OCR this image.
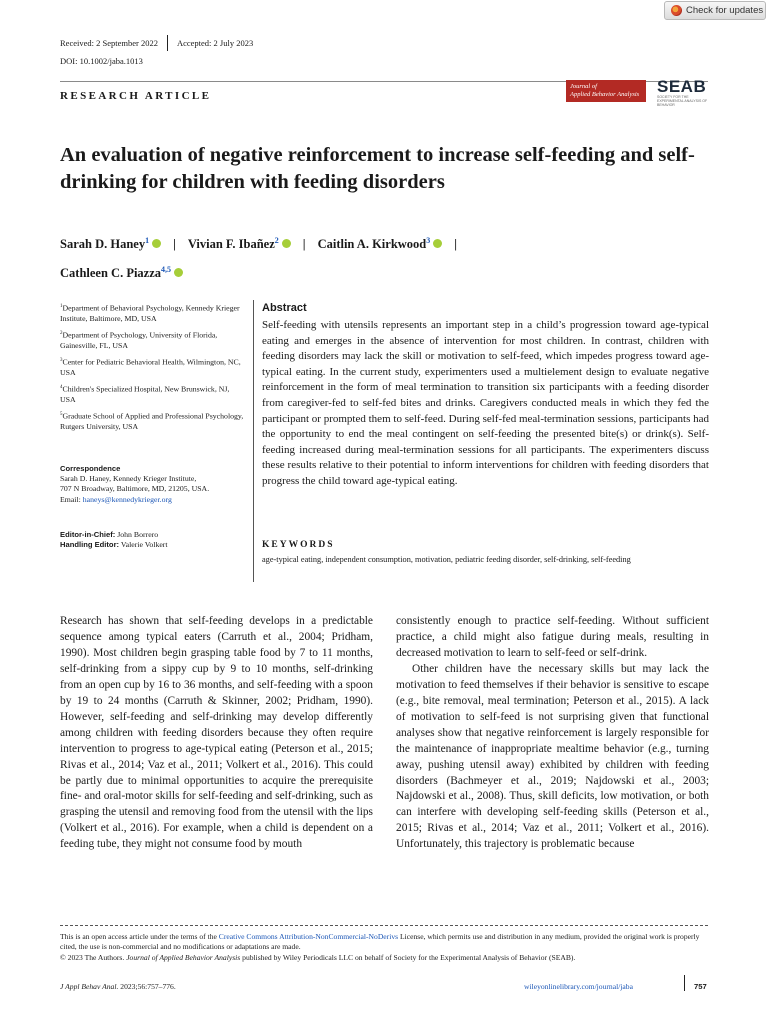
Check for updates
Received: 2 September 2022 Accepted: 2 July 2023
DOI: 10.1002/jaba.1013
RESEARCH ARTICLE
Journal of
Applied Behavior Analysis SEAB
SOCIETY FOR THE EXPERIMENTAL ANALYSIS OF BEHAVIOR
An evaluation of negative reinforcement to increase self-feeding and self-drinking for children with feeding disorders
Sarah D. Haney$^1$ | Vivian F. Ibañez$^2$ | Caitlin A. Kirkwood$^3$ |
Cathleen C. Piazza$^{4,5}$

$^1$Department of Behavioral Psychology, Kennedy Krieger Institute, Baltimore, MD, USA

$^2$Department of Psychology, University of Florida, Gainesville, FL, USA

$^3$Center for Pediatric Behavioral Health, Wilmington, NC, USA

$^4$Children's Specialized Hospital, New Brunswick, NJ, USA

$^5$Graduate School of Applied and Professional Psychology, Rutgers University, USA

Correspondence
Sarah D. Haney, Kennedy Krieger Institute,
707 N Broadway, Baltimore, MD, 21205, USA.
Email: haneys@kennedykrieger.org
Editor-in-Chief: John Borrero
Handling Editor: Valerie Volkert
Abstract
Self-feeding with utensils represents an important step in a child’s progression toward age-typical eating and emerges in the absence of intervention for most children. In contrast, children with feeding disorders may lack the skill or motivation to self-feed, which impedes progress toward age-typical eating. In the current study, experimenters used a multielement design to evaluate negative reinforcement in the form of meal termination to transition six participants with a feeding disorder from caregiver-fed to self-fed bites and drinks. Caregivers conducted meals in which they fed the participant or prompted them to self-feed. During self-fed meal-termination sessions, participants had the opportunity to end the meal contingent on self-feeding the presented bite(s) or drink(s). Self-feeding increased during meal-termination sessions for all participants. The experimenters discuss these results relative to their potential to inform interventions for children with feeding disorders that progress the child toward age-typical eating.
KEYWORDS
age-typical eating, independent consumption, motivation, pediatric feeding disorder, self-drinking, self-feeding

Research has shown that self-feeding develops in a predictable sequence among typical eaters (Carruth et al., 2004; Pridham, 1990). Most children begin grasping table food by 7 to 11 months, self-drinking from a sippy cup by 9 to 10 months, self-drinking from an open cup by 16 to 36 months, and self-feeding with a spoon by 19 to 24 months (Carruth & Skinner, 2002; Pridham, 1990). However, self-feeding and self-drinking may develop differently among children with feeding disorders because they often require intervention to progress to age-typical eating (Peterson et al., 2015; Rivas et al., 2014; Vaz et al., 2011; Volkert et al., 2016). This could be partly due to minimal opportunities to acquire the prerequisite fine- and oral-motor skills for self-feeding and self-drinking, such as grasping the utensil and removing food from the utensil with the lips (Volkert et al., 2016). For example, when a child is dependent on a feeding tube, they might not consume food by mouth

consistently enough to practice self-feeding. Without sufficient practice, a child might also fatigue during meals, resulting in decreased motivation to learn to self-feed or self-drink.

Other children have the necessary skills but may lack the motivation to feed themselves if their behavior is sensitive to escape (e.g., bite removal, meal termination; Peterson et al., 2015). A lack of motivation to self-feed is not surprising given that functional analyses show that negative reinforcement is largely responsible for the maintenance of inappropriate mealtime behavior (e.g., turning away, pushing utensil away) exhibited by children with feeding disorders (Bachmeyer et al., 2019; Najdowski et al., 2003; Najdowski et al., 2008). Thus, skill deficits, low motivation, or both can interfere with developing self-feeding skills (Peterson et al., 2015; Rivas et al., 2014; Vaz et al., 2011; Volkert et al., 2016). Unfortunately, this trajectory is problematic because

This is an open access article under the terms of the Creative Commons Attribution-NonCommercial-NoDerivs License, which permits use and distribution in any medium, provided the original work is properly cited, the use is non-commercial and no modifications or adaptations are made.

© 2023 The Authors. Journal of Applied Behavior Analysis published by Wiley Periodicals LLC on behalf of Society for the Experimental Analysis of Behavior (SEAB).

J Appl Behav Anal. 2023;56:757–776.	wileyonlinelibrary.com/journal/jaba	757
